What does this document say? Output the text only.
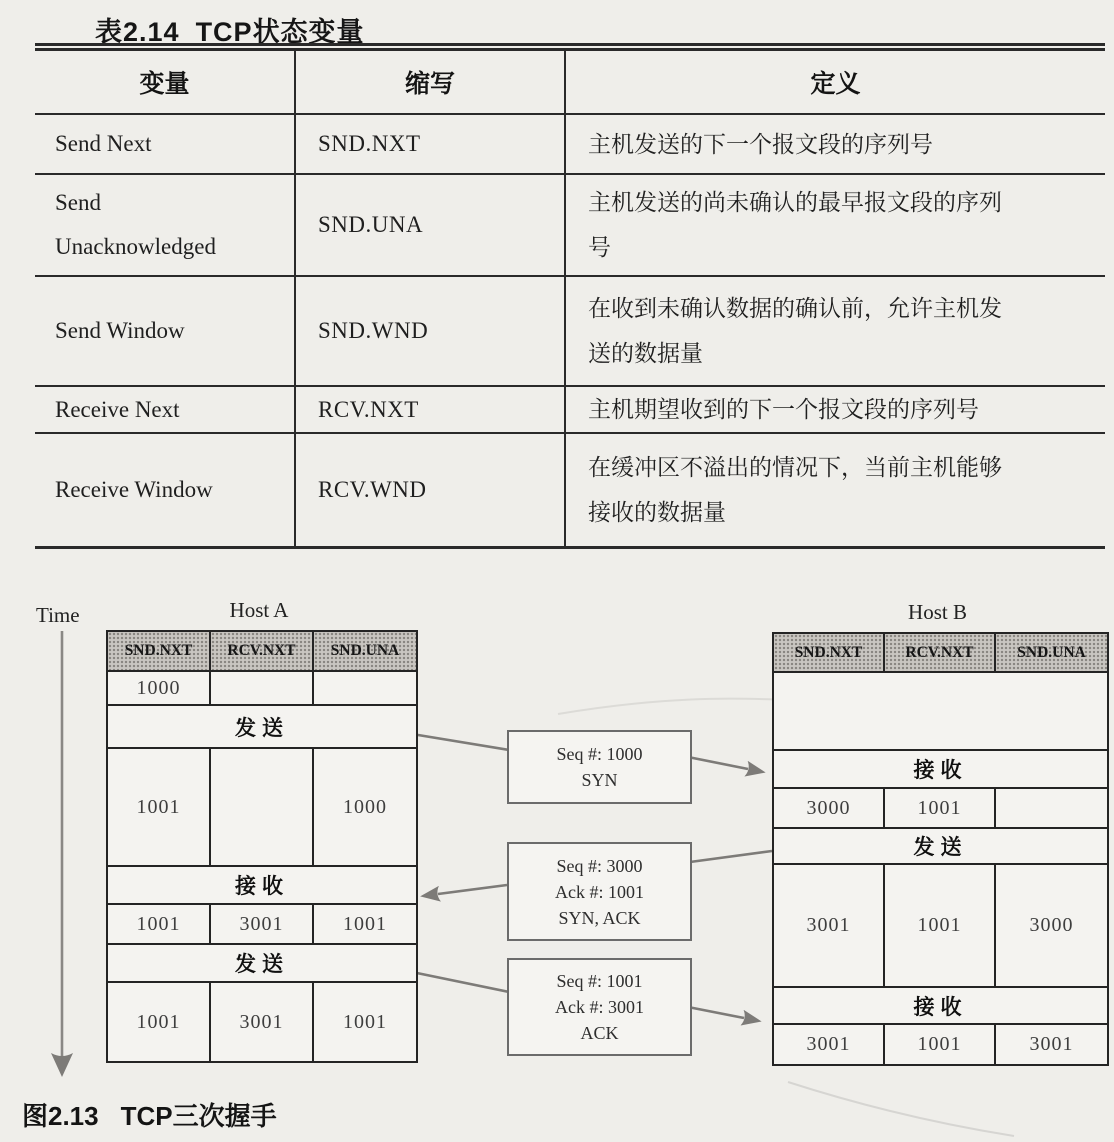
表2.14 TCP状态变量
变量	缩写	定义
Send Next	SND.NXT	主机发送的下一个报文段的序列号
Send Unacknowledged	SND.UNA	主机发送的尚未确认的最早报文段的序列号
Send Window	SND.WND	在收到未确认数据的确认前，允许主机发送的数据量
Receive Next	RCV.NXT	主机期望收到的下一个报文段的序列号
Receive Window	RCV.WND	在缓冲区不溢出的情况下，当前主机能够接收的数据量
Time	Host A	Host B
SND.NXT	RCV.NXT	SND.UNA
1000		
发送		
1001		1000
接收		
1001	3001	1001
发送		
1001	3001	1001
SND.NXT	RCV.NXT	SND.UNA

接收		
3000	1001	
发送		
3001	1001	3000
接收		
3001	1001	3001
Seq #: 1000
SYN
Seq #: 3000
Ack #: 1001
SYN, ACK
Seq #: 1001
Ack #: 3001
ACK
图2.13 TCP三次握手
